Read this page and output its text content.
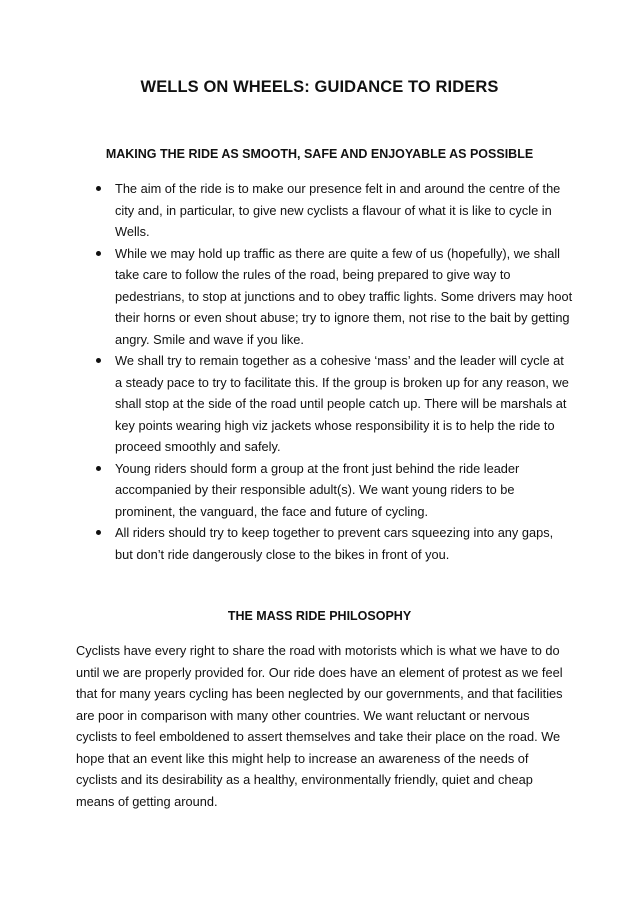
WELLS ON WHEELS: GUIDANCE TO RIDERS
MAKING THE RIDE AS SMOOTH, SAFE AND ENJOYABLE AS POSSIBLE
The aim of the ride is to make our presence felt in and around the centre of the city and, in particular, to give new cyclists a flavour of what it is like to cycle in Wells.
While we may hold up traffic as there are quite a few of us (hopefully), we shall take care to follow the rules of the road, being prepared to give way to pedestrians, to stop at junctions and to obey traffic lights. Some drivers may hoot their horns or even shout abuse; try to ignore them, not rise to the bait by getting angry. Smile and wave if you like.
We shall try to remain together as a cohesive ‘mass’ and the leader will cycle at a steady pace to try to facilitate this. If the group is broken up for any reason, we shall stop at the side of the road until people catch up. There will be marshals at key points wearing high viz jackets whose responsibility it is to help the ride to proceed smoothly and safely.
Young riders should form a group at the front just behind the ride leader accompanied by their responsible adult(s). We want young riders to be prominent, the vanguard, the face and future of cycling.
All riders should try to keep together to prevent cars squeezing into any gaps, but don’t ride dangerously close to the bikes in front of you.
THE MASS RIDE PHILOSOPHY

Cyclists have every right to share the road with motorists which is what we have to do until we are properly provided for. Our ride does have an element of protest as we feel that for many years cycling has been neglected by our governments, and that facilities are poor in comparison with many other countries. We want reluctant or nervous cyclists to feel emboldened to assert themselves and take their place on the road. We hope that an event like this might help to increase an awareness of the needs of cyclists and its desirability as a healthy, environmentally friendly, quiet and cheap means of getting around.
